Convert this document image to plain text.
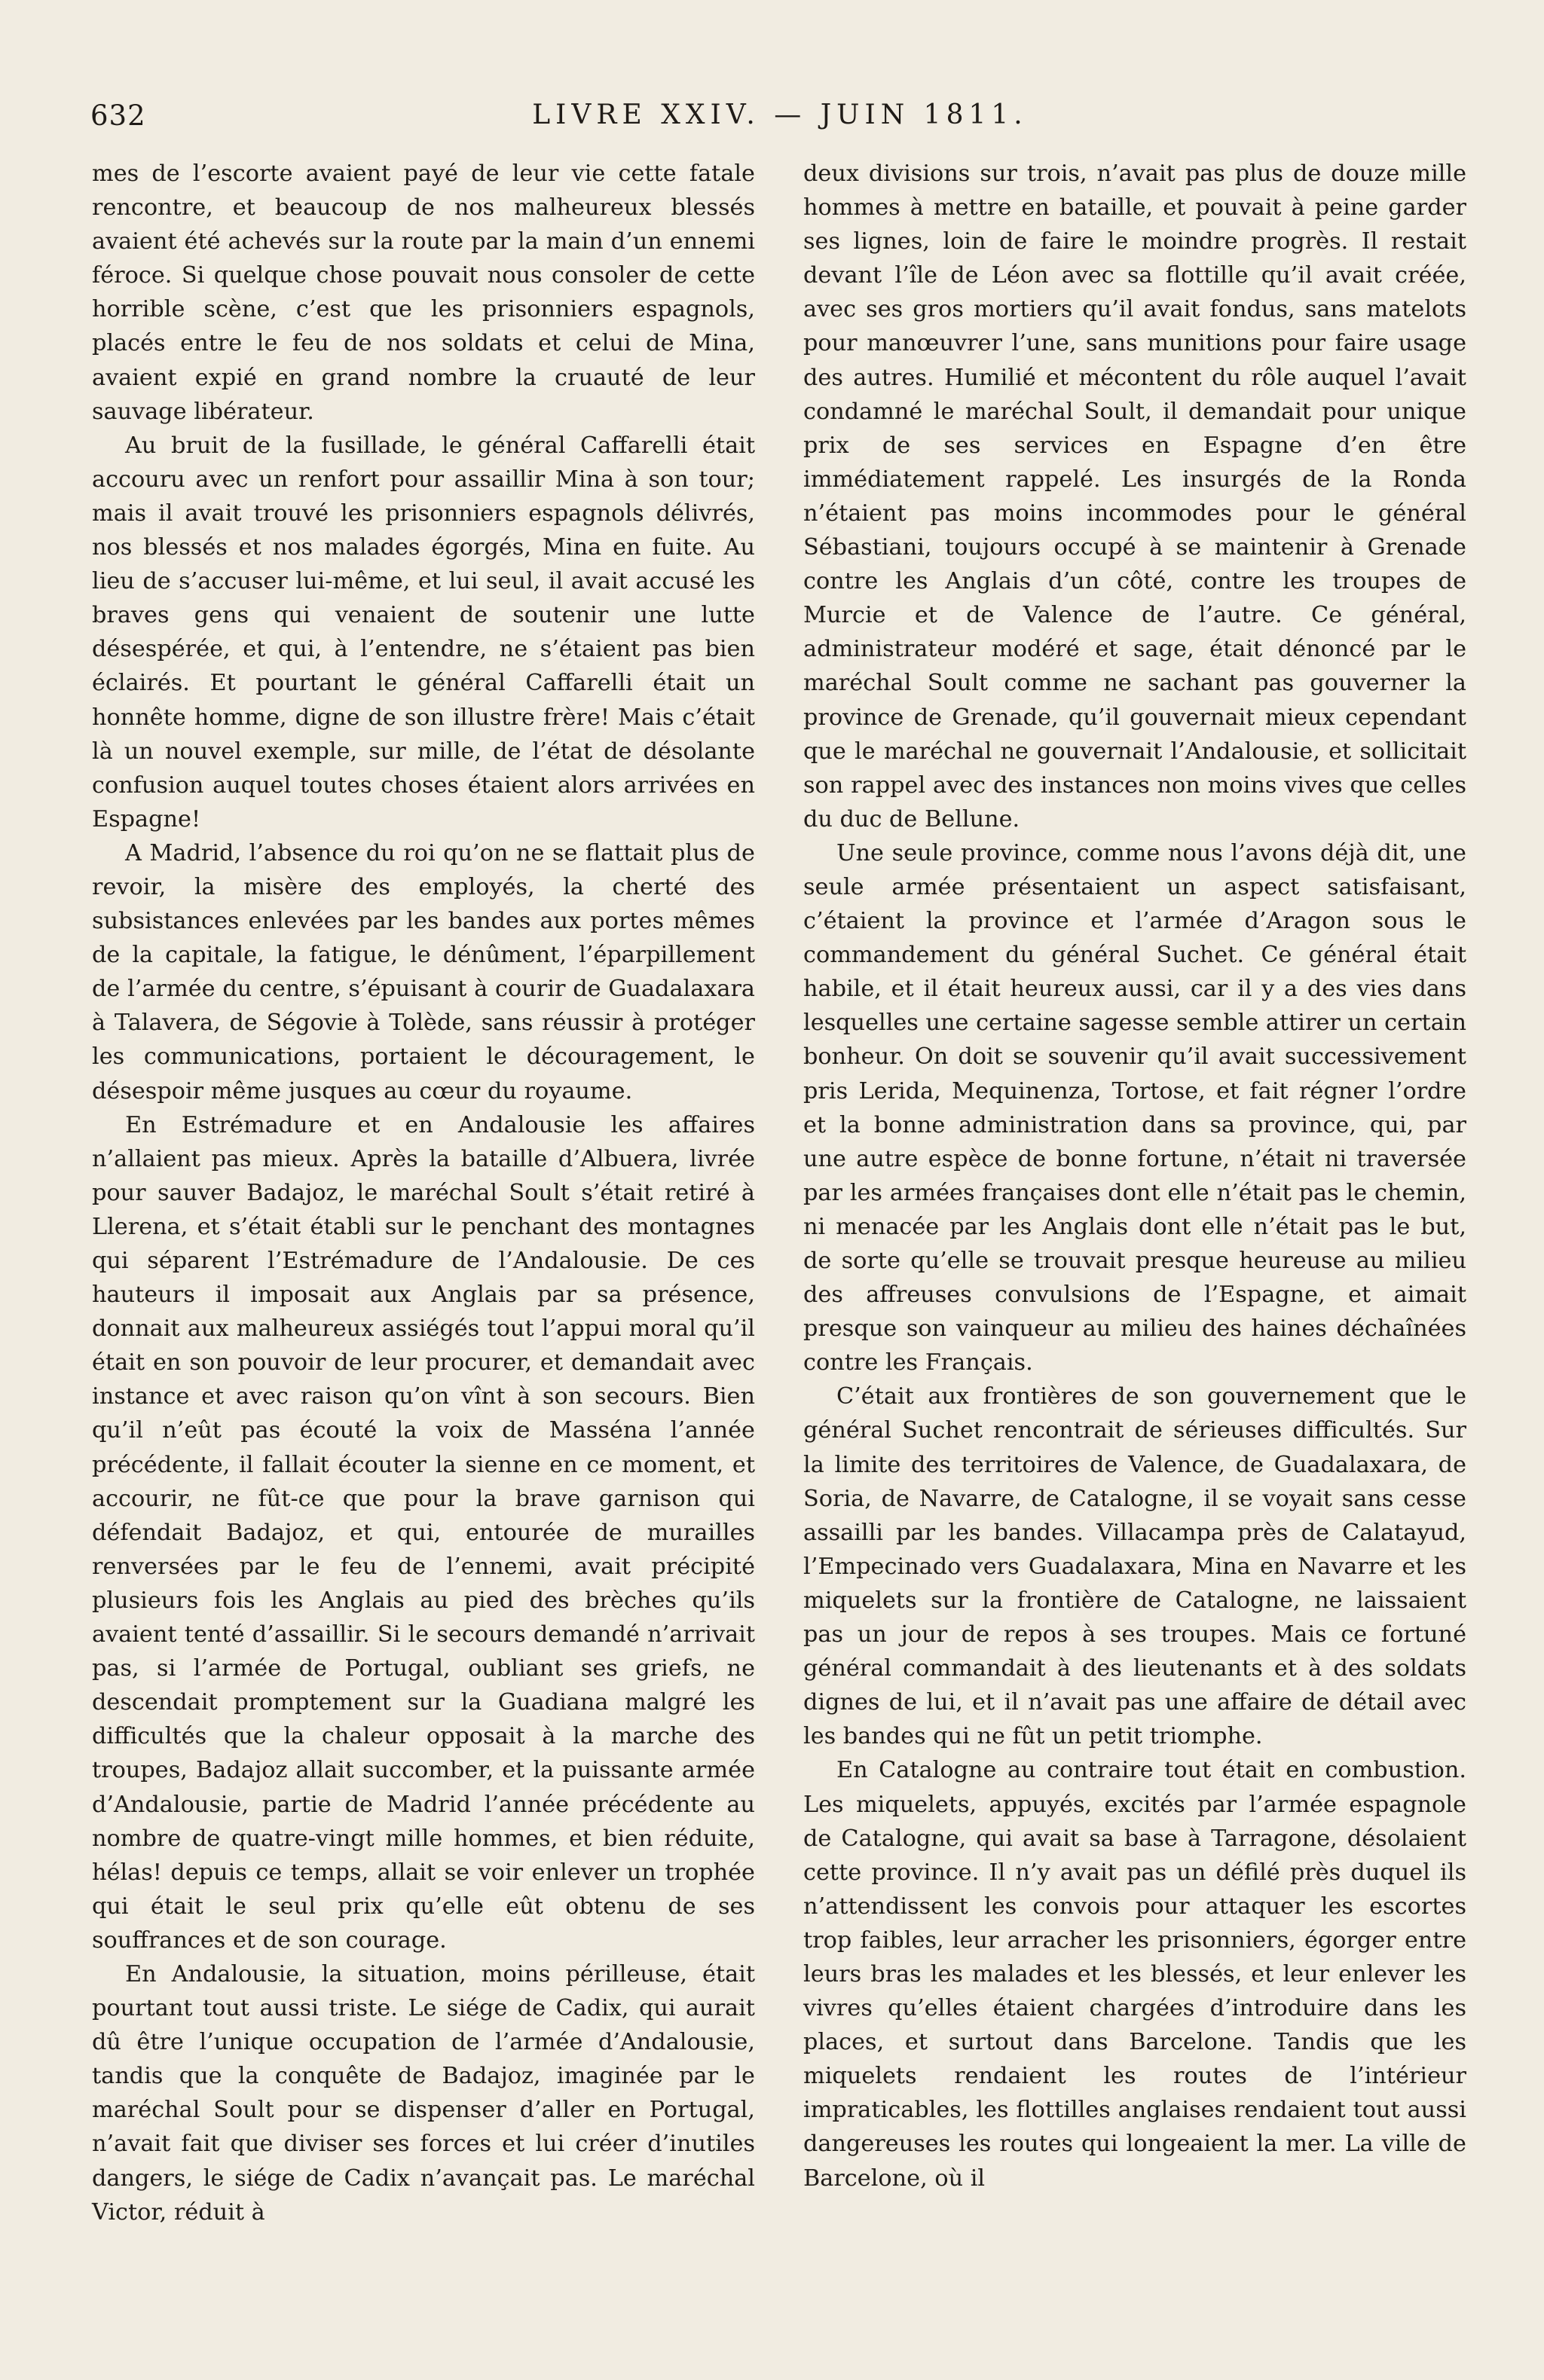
632	LIVRE XXIV. — JUIN 1811.

mes de l’escorte avaient payé de leur vie cette fatale rencontre, et beaucoup de nos malheureux blessés avaient été achevés sur la route par la main d’un ennemi féroce. Si quelque chose pouvait nous consoler de cette horrible scène, c’est que les prisonniers espagnols, placés entre le feu de nos soldats et celui de Mina, avaient expié en grand nombre la cruauté de leur sauvage libérateur.

Au bruit de la fusillade, le général Caffarelli était accouru avec un renfort pour assaillir Mina à son tour; mais il avait trouvé les prisonniers espagnols délivrés, nos blessés et nos malades égorgés, Mina en fuite. Au lieu de s’accuser lui-même, et lui seul, il avait accusé les braves gens qui venaient de soutenir une lutte désespérée, et qui, à l’entendre, ne s’étaient pas bien éclairés. Et pourtant le général Caffarelli était un honnête homme, digne de son illustre frère! Mais c’était là un nouvel exemple, sur mille, de l’état de désolante confusion auquel toutes choses étaient alors arrivées en Espagne!

A Madrid, l’absence du roi qu’on ne se flattait plus de revoir, la misère des employés, la cherté des subsistances enlevées par les bandes aux portes mêmes de la capitale, la fatigue, le dénûment, l’éparpillement de l’armée du centre, s’épuisant à courir de Guadalaxara à Talavera, de Ségovie à Tolède, sans réussir à protéger les communications, portaient le découragement, le désespoir même jusques au cœur du royaume.

En Estrémadure et en Andalousie les affaires n’allaient pas mieux. Après la bataille d’Albuera, livrée pour sauver Badajoz, le maréchal Soult s’était retiré à Llerena, et s’était établi sur le penchant des montagnes qui séparent l’Estrémadure de l’Andalousie. De ces hauteurs il imposait aux Anglais par sa présence, donnait aux malheureux assiégés tout l’appui moral qu’il était en son pouvoir de leur procurer, et demandait avec instance et avec raison qu’on vînt à son secours. Bien qu’il n’eût pas écouté la voix de Masséna l’année précédente, il fallait écouter la sienne en ce moment, et accourir, ne fût-ce que pour la brave garnison qui défendait Badajoz, et qui, entourée de murailles renversées par le feu de l’ennemi, avait précipité plusieurs fois les Anglais au pied des brèches qu’ils avaient tenté d’assaillir. Si le secours demandé n’arrivait pas, si l’armée de Portugal, oubliant ses griefs, ne descendait promptement sur la Guadiana malgré les difficultés que la chaleur opposait à la marche des troupes, Badajoz allait succomber, et la puissante armée d’Andalousie, partie de Madrid l’année précédente au nombre de quatre-vingt mille hommes, et bien réduite, hélas! depuis ce temps, allait se voir enlever un trophée qui était le seul prix qu’elle eût obtenu de ses souffrances et de son courage.

En Andalousie, la situation, moins périlleuse, était pourtant tout aussi triste. Le siége de Cadix, qui aurait dû être l’unique occupation de l’armée d’Andalousie, tandis que la conquête de Badajoz, imaginée par le maréchal Soult pour se dispenser d’aller en Portugal, n’avait fait que diviser ses forces et lui créer d’inutiles dangers, le siége de Cadix n’avançait pas. Le maréchal Victor, réduit à

deux divisions sur trois, n’avait pas plus de douze mille hommes à mettre en bataille, et pouvait à peine garder ses lignes, loin de faire le moindre progrès. Il restait devant l’île de Léon avec sa flottille qu’il avait créée, avec ses gros mortiers qu’il avait fondus, sans matelots pour manœuvrer l’une, sans munitions pour faire usage des autres. Humilié et mécontent du rôle auquel l’avait condamné le maréchal Soult, il demandait pour unique prix de ses services en Espagne d’en être immédiatement rappelé. Les insurgés de la Ronda n’étaient pas moins incommodes pour le général Sébastiani, toujours occupé à se maintenir à Grenade contre les Anglais d’un côté, contre les troupes de Murcie et de Valence de l’autre. Ce général, administrateur modéré et sage, était dénoncé par le maréchal Soult comme ne sachant pas gouverner la province de Grenade, qu’il gouvernait mieux cependant que le maréchal ne gouvernait l’Andalousie, et sollicitait son rappel avec des instances non moins vives que celles du duc de Bellune.

Une seule province, comme nous l’avons déjà dit, une seule armée présentaient un aspect satisfaisant, c’étaient la province et l’armée d’Aragon sous le commandement du général Suchet. Ce général était habile, et il était heureux aussi, car il y a des vies dans lesquelles une certaine sagesse semble attirer un certain bonheur. On doit se souvenir qu’il avait successivement pris Lerida, Mequinenza, Tortose, et fait régner l’ordre et la bonne administration dans sa province, qui, par une autre espèce de bonne fortune, n’était ni traversée par les armées françaises dont elle n’était pas le chemin, ni menacée par les Anglais dont elle n’était pas le but, de sorte qu’elle se trouvait presque heureuse au milieu des affreuses convulsions de l’Espagne, et aimait presque son vainqueur au milieu des haines déchaînées contre les Français.

C’était aux frontières de son gouvernement que le général Suchet rencontrait de sérieuses difficultés. Sur la limite des territoires de Valence, de Guadalaxara, de Soria, de Navarre, de Catalogne, il se voyait sans cesse assailli par les bandes. Villacampa près de Calatayud, l’Empecinado vers Guadalaxara, Mina en Navarre et les miquelets sur la frontière de Catalogne, ne laissaient pas un jour de repos à ses troupes. Mais ce fortuné général commandait à des lieutenants et à des soldats dignes de lui, et il n’avait pas une affaire de détail avec les bandes qui ne fût un petit triomphe.

En Catalogne au contraire tout était en combustion. Les miquelets, appuyés, excités par l’armée espagnole de Catalogne, qui avait sa base à Tarragone, désolaient cette province. Il n’y avait pas un défilé près duquel ils n’attendissent les convois pour attaquer les escortes trop faibles, leur arracher les prisonniers, égorger entre leurs bras les malades et les blessés, et leur enlever les vivres qu’elles étaient chargées d’introduire dans les places, et surtout dans Barcelone. Tandis que les miquelets rendaient les routes de l’intérieur impraticables, les flottilles anglaises rendaient tout aussi dangereuses les routes qui longeaient la mer. La ville de Barcelone, où il
